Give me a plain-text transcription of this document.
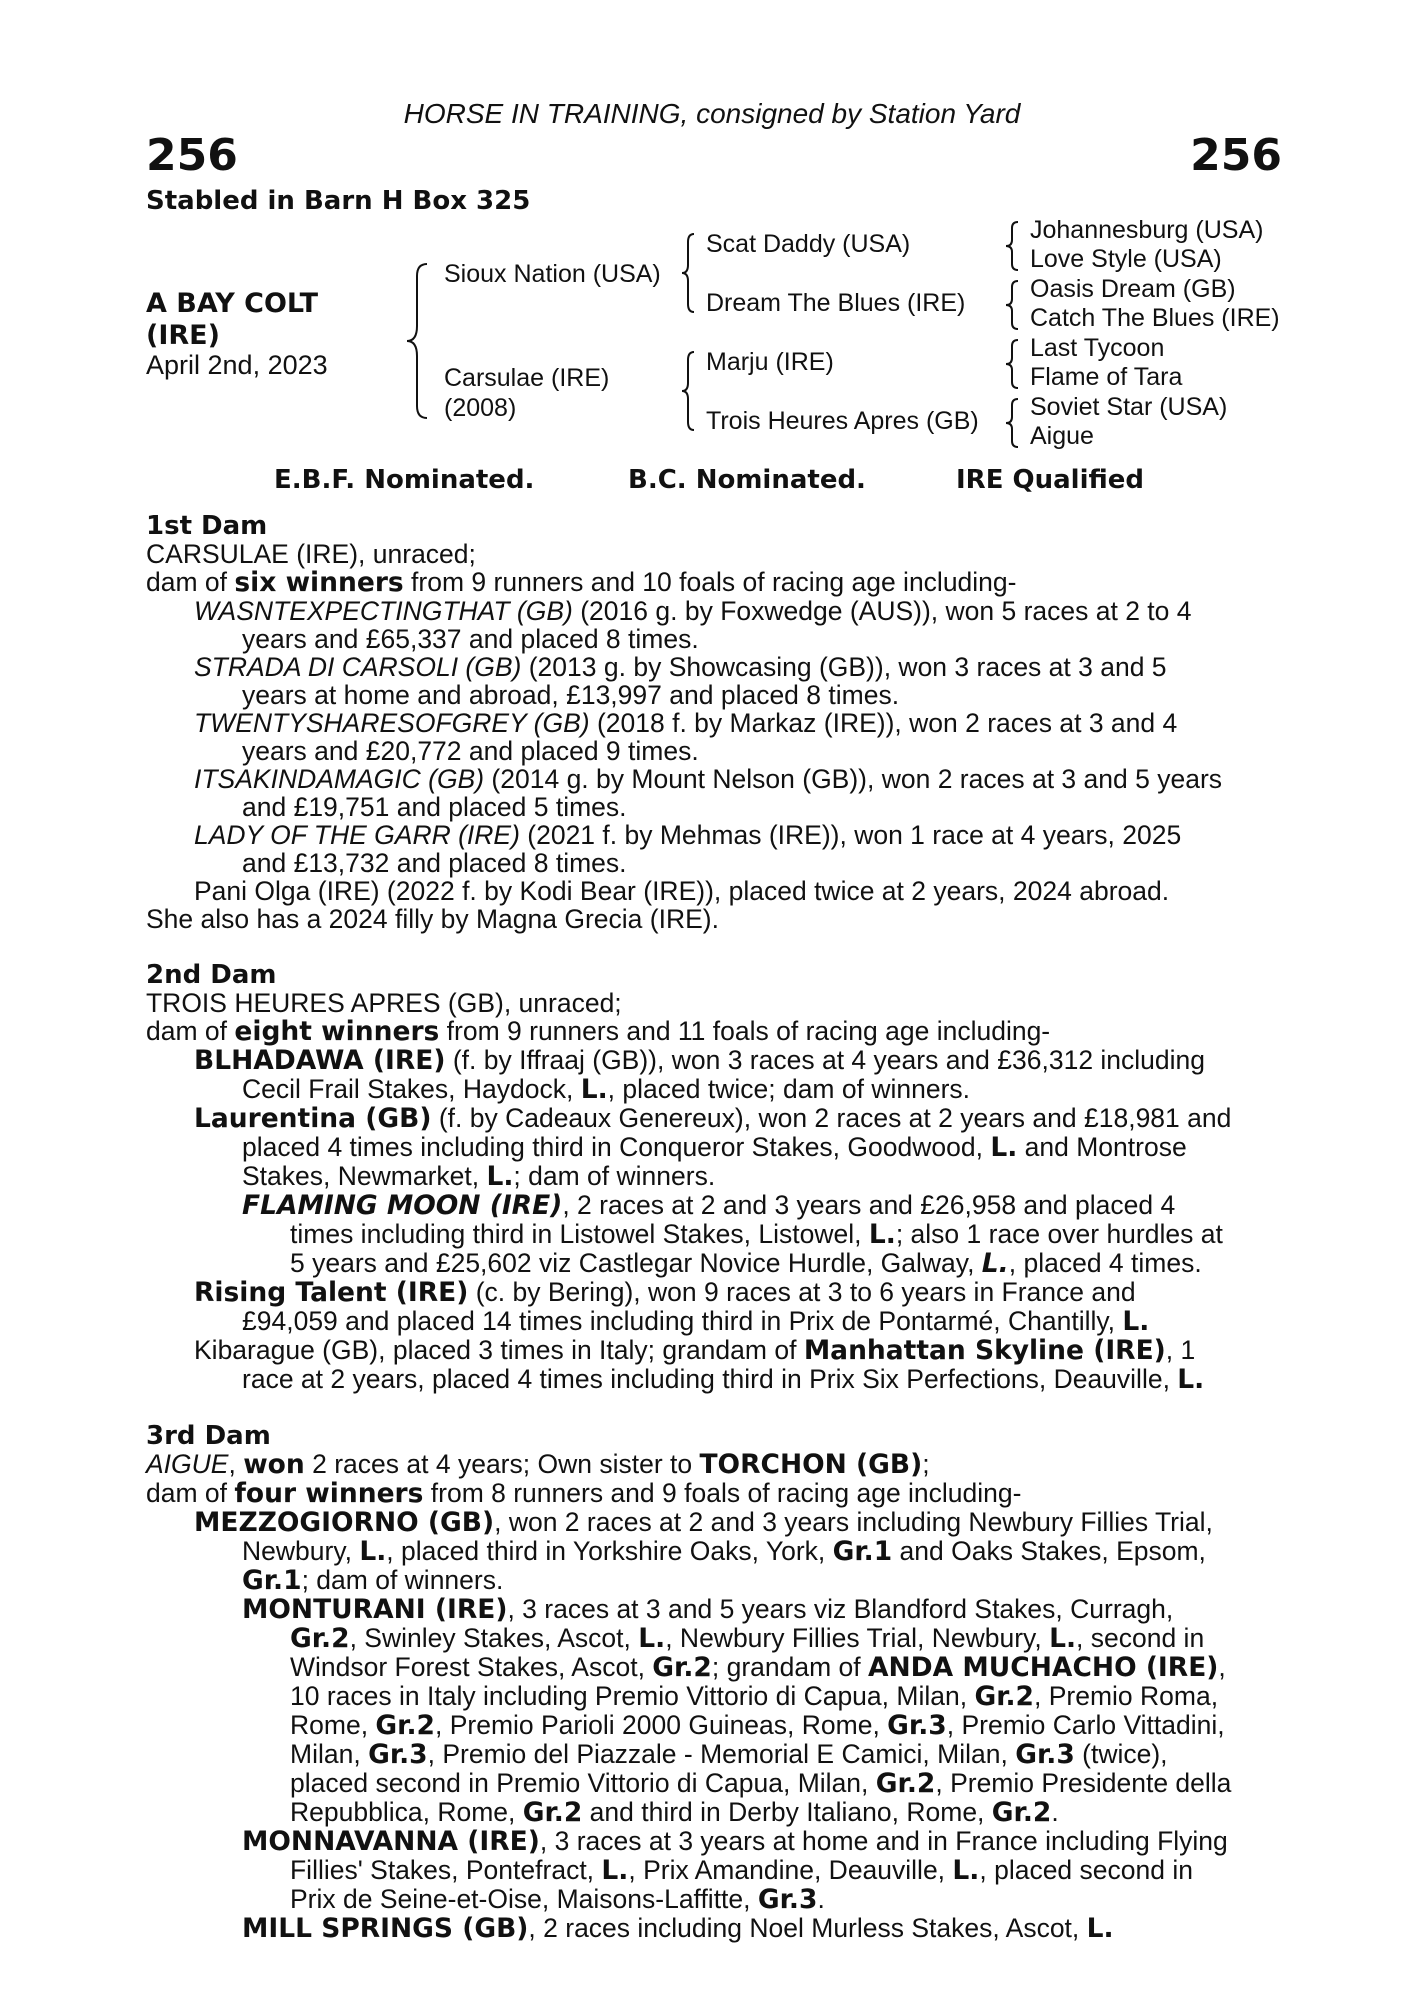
HORSE IN TRAINING, consigned by Station Yard
256	256
Stabled in Barn H Box 325
A BAY COLT
(IRE)
April 2nd, 2023
Sioux Nation (USA)
Carsulae (IRE)
(2008)
Scat Daddy (USA)
Dream The Blues (IRE)
Marju (IRE)
Trois Heures Apres (GB)
Johannesburg (USA)
Love Style (USA)
Oasis Dream (GB)
Catch The Blues (IRE)
Last Tycoon
Flame of Tara
Soviet Star (USA)
Aigue
E.B.F. Nominated.	B.C. Nominated.	IRE Qualified
1st Dam
CARSULAE (IRE), unraced;
dam of six winners from 9 runners and 10 foals of racing age including-
WASNTEXPECTINGTHAT (GB) (2016 g. by Foxwedge (AUS)), won 5 races at 2 to 4
years and £65,337 and placed 8 times.
STRADA DI CARSOLI (GB) (2013 g. by Showcasing (GB)), won 3 races at 3 and 5
years at home and abroad, £13,997 and placed 8 times.
TWENTYSHARESOFGREY (GB) (2018 f. by Markaz (IRE)), won 2 races at 3 and 4
years and £20,772 and placed 9 times.
ITSAKINDAMAGIC (GB) (2014 g. by Mount Nelson (GB)), won 2 races at 3 and 5 years
and £19,751 and placed 5 times.
LADY OF THE GARR (IRE) (2021 f. by Mehmas (IRE)), won 1 race at 4 years, 2025
and £13,732 and placed 8 times.
Pani Olga (IRE) (2022 f. by Kodi Bear (IRE)), placed twice at 2 years, 2024 abroad.
She also has a 2024 filly by Magna Grecia (IRE).
2nd Dam
TROIS HEURES APRES (GB), unraced;
dam of eight winners from 9 runners and 11 foals of racing age including-
BLHADAWA (IRE) (f. by Iffraaj (GB)), won 3 races at 4 years and £36,312 including
Cecil Frail Stakes, Haydock, L., placed twice; dam of winners.
Laurentina (GB) (f. by Cadeaux Genereux), won 2 races at 2 years and £18,981 and
placed 4 times including third in Conqueror Stakes, Goodwood, L. and Montrose
Stakes, Newmarket, L.; dam of winners.
FLAMING MOON (IRE), 2 races at 2 and 3 years and £26,958 and placed 4
times including third in Listowel Stakes, Listowel, L.; also 1 race over hurdles at
5 years and £25,602 viz Castlegar Novice Hurdle, Galway, L., placed 4 times.
Rising Talent (IRE) (c. by Bering), won 9 races at 3 to 6 years in France and
£94,059 and placed 14 times including third in Prix de Pontarmé, Chantilly, L.
Kibaraguе (GB), placed 3 times in Italy; grandam of Manhattan Skyline (IRE), 1
race at 2 years, placed 4 times including third in Prix Six Perfections, Deauville, L.
3rd Dam
AIGUE, won 2 races at 4 years; Own sister to TORCHON (GB);
dam of four winners from 8 runners and 9 foals of racing age including-
MEZZOGIORNO (GB), won 2 races at 2 and 3 years including Newbury Fillies Trial,
Newbury, L., placed third in Yorkshire Oaks, York, Gr.1 and Oaks Stakes, Epsom,
Gr.1; dam of winners.
MONTURANI (IRE), 3 races at 3 and 5 years viz Blandford Stakes, Curragh,
Gr.2, Swinley Stakes, Ascot, L., Newbury Fillies Trial, Newbury, L., second in
Windsor Forest Stakes, Ascot, Gr.2; grandam of ANDA MUCHACHO (IRE),
10 races in Italy including Premio Vittorio di Capua, Milan, Gr.2, Premio Roma,
Rome, Gr.2, Premio Parioli 2000 Guineas, Rome, Gr.3, Premio Carlo Vittadini,
Milan, Gr.3, Premio del Piazzale - Memorial E Camici, Milan, Gr.3 (twice),
placed second in Premio Vittorio di Capua, Milan, Gr.2, Premio Presidente della
Repubblica, Rome, Gr.2 and third in Derby Italiano, Rome, Gr.2.
MONNAVANNA (IRE), 3 races at 3 years at home and in France including Flying
Fillies' Stakes, Pontefract, L., Prix Amandine, Deauville, L., placed second in
Prix de Seine-et-Oise, Maisons-Laffitte, Gr.3.
MILL SPRINGS (GB), 2 races including Noel Murless Stakes, Ascot, L.
